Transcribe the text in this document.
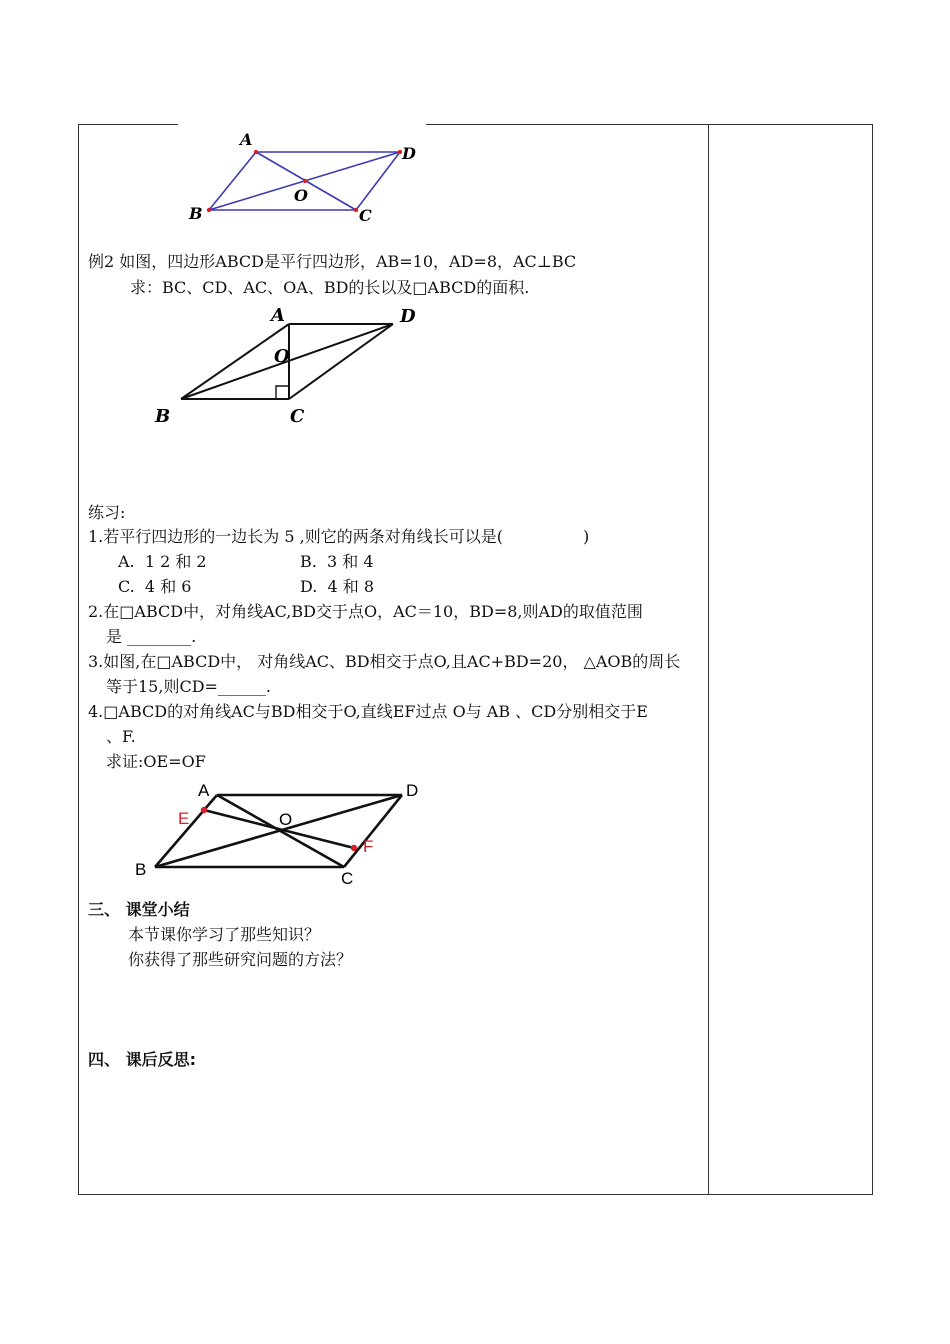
A
D
O
B	C
例2 如图，四边形ABCD是平行四边形，AB=10，AD=8，AC⊥BC
求：BC、CD、AC、OA、BD的长以及□ABCD的面积.
A	D
O
B	C
练习:
1.若平行四边形的一边长为 5 ,则它的两条对角线长可以是(　　　　　)
A.  1 2 和 2	B.  3 和 4
C.  4 和 6	D.  4 和 8
2.在□ABCD中，对角线AC,BD交于点O，AC＝10，BD=8,则AD的取值范围
是 ________.
3.如图,在□ABCD中， 对角线AC、BD相交于点O,且AC+BD=20， △AOB的周长
等于15,则CD=______.
4.□ABCD的对角线AC与BD相交于O,直线EF过点 O与 AB 、CD分别相交于E
、F.
求证:OE=OF
A	D
E	O
F
B	C
三、 课堂小结
本节课你学习了那些知识？
你获得了那些研究问题的方法？
四、 课后反思:
